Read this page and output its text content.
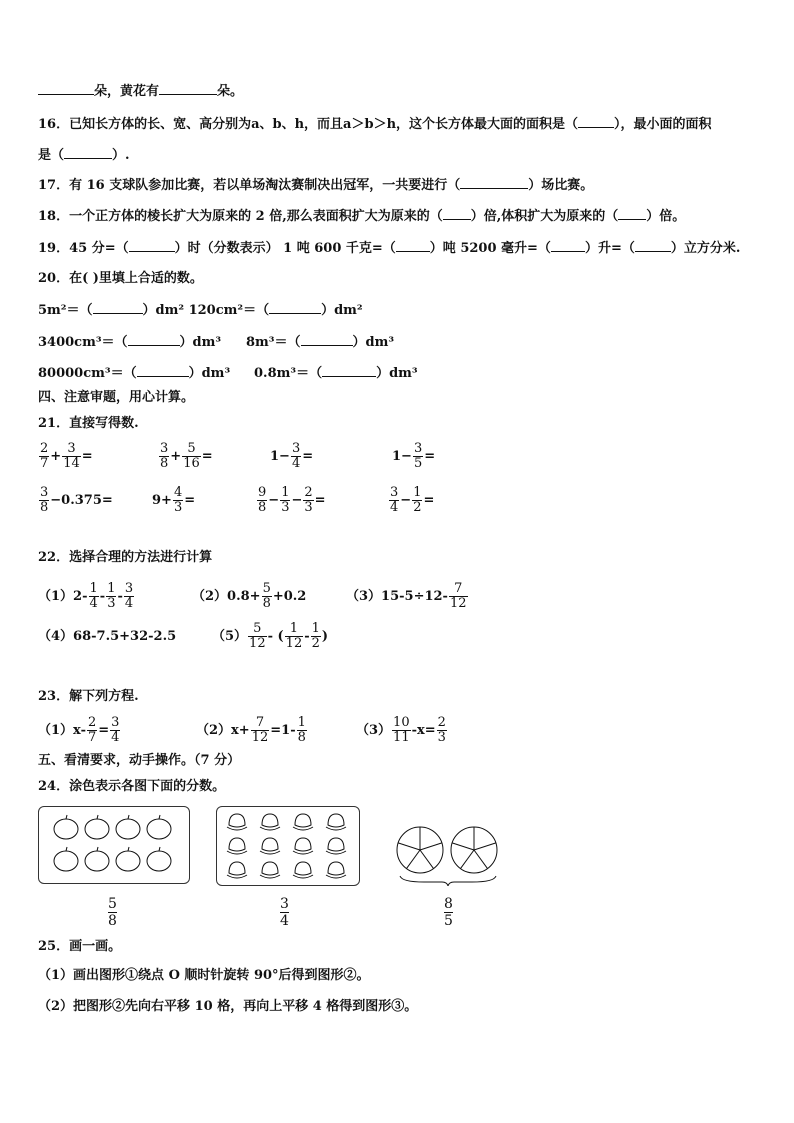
朵，黄花有	朵。
16．已知长方体的长、宽、高分别为a、b、h，而且a＞b＞h，这个长方体最大面的面积是（	），最小面的面积
是（	）.
17．有 16 支球队参加比赛，若以单场淘汰赛制决出冠军，一共要进行（	）场比赛。
18．一个正方体的棱长扩大为原来的 2 倍,那么表面积扩大为原来的（ ）倍,体积扩大为原来的（ ）倍。
19．45 分=（	）时（分数表示） 1 吨 600 千克=（	）吨 5200 毫升=（	）升=（	）立方分米.
20．在( )里填上合适的数。
5m²＝（	）dm² 120cm²＝（	）dm²
3400cm³＝（	）dm³ 8m³＝（	）dm³
80000cm³＝（	）dm³ 0.8m³＝（	）dm³
四、注意审题，用心计算。
21．直接写得数.
$\frac{2}{7} + \frac{3}{14}$ =	$\frac{3}{8} + \frac{5}{16}$ =	$1- \frac{3}{4}$ =	$1- \frac{3}{5}$ =
$\frac{3}{8} -0.375=$	$9+ \frac{4}{3}$ =	$\frac{9}{8} - \frac{1}{3} - \frac{2}{3}$ =	$\frac{3}{4} - \frac{1}{2}$ =
22．选择合理的方法进行计算
$(1)2- \frac{1}{4} - \frac{1}{3} - \frac{3}{4}$	$(2)0.8+ \frac{5}{8} +0.2$	$(3)15-5\div 12- \frac{7}{12}$
（4）68-7.5+32-2.5	$(5) \frac{5}{12}$ - ( $\frac{1}{12} - \frac{1}{2}$ )
23．解下列方程.
$(1)x- \frac{2}{7} = \frac{3}{4}$	$(2)x+ \frac{7}{12} =1- \frac{1}{8}$	$(3) \frac{10}{11} -x= \frac{2}{3}$
五、看清要求，动手操作。（7 分）
24．涂色表示各图下面的分数。
5
8
3
4
8
5
25．画一画。
（1）画出图形①绕点 O 顺时针旋转 90°后得到图形②。
（2）把图形②先向右平移 10 格，再向上平移 4 格得到图形③。
